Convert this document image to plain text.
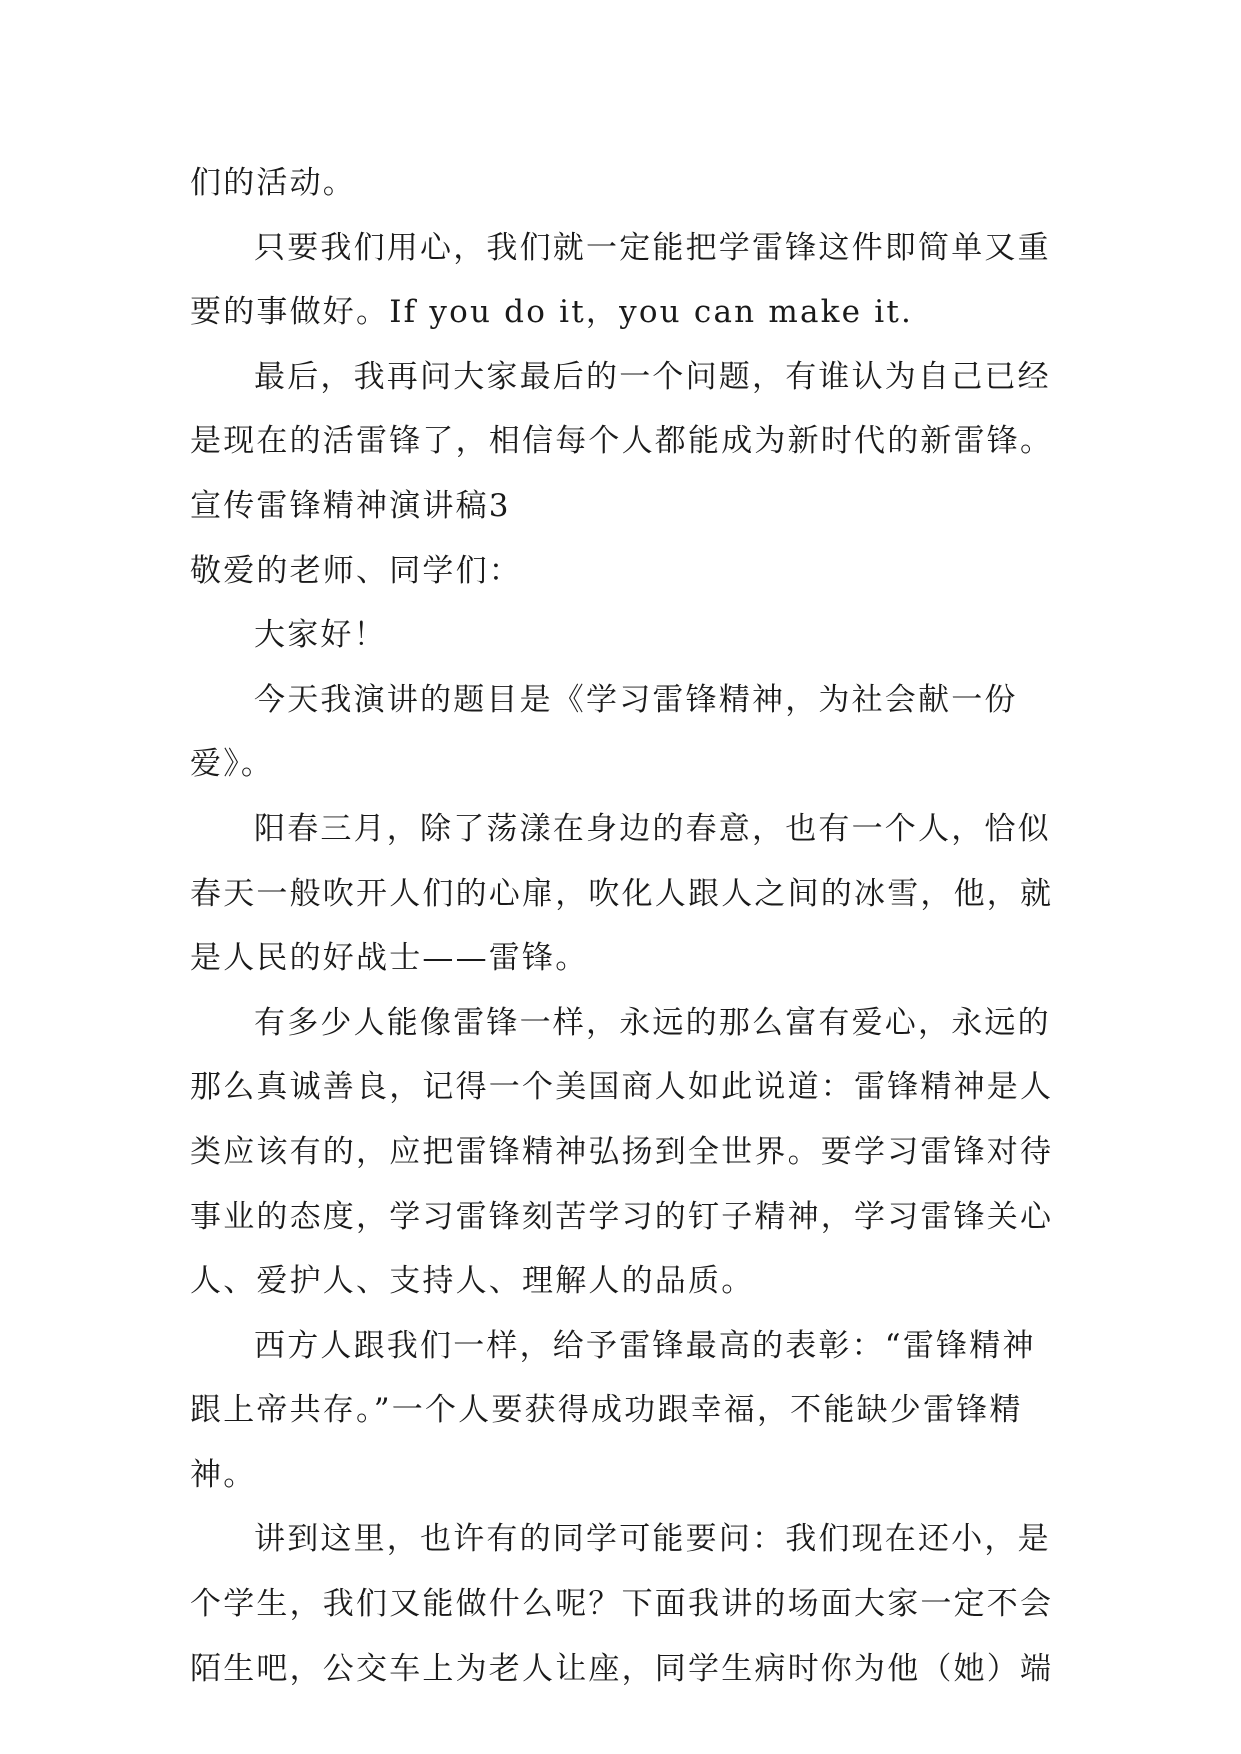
们的活动。
只要我们用心，我们就一定能把学雷锋这件即简单又重
要的事做好。If you do it，you can make it.
最后，我再问大家最后的一个问题，有谁认为自己已经
是现在的活雷锋了，相信每个人都能成为新时代的新雷锋。
宣传雷锋精神演讲稿3
敬爱的老师、同学们：
大家好！
今天我演讲的题目是《学习雷锋精神，为社会献一份
爱》。
阳春三月，除了荡漾在身边的春意，也有一个人，恰似
春天一般吹开人们的心扉，吹化人跟人之间的冰雪，他，就
是人民的好战士——雷锋。
有多少人能像雷锋一样，永远的那么富有爱心，永远的
那么真诚善良，记得一个美国商人如此说道：雷锋精神是人
类应该有的，应把雷锋精神弘扬到全世界。要学习雷锋对待
事业的态度，学习雷锋刻苦学习的钉子精神，学习雷锋关心
人、爱护人、支持人、理解人的品质。
西方人跟我们一样，给予雷锋最高的表彰：“雷锋精神
跟上帝共存。”一个人要获得成功跟幸福，不能缺少雷锋精
神。
讲到这里，也许有的同学可能要问：我们现在还小，是
个学生，我们又能做什么呢？下面我讲的场面大家一定不会
陌生吧，公交车上为老人让座，同学生病时你为他（她）端
